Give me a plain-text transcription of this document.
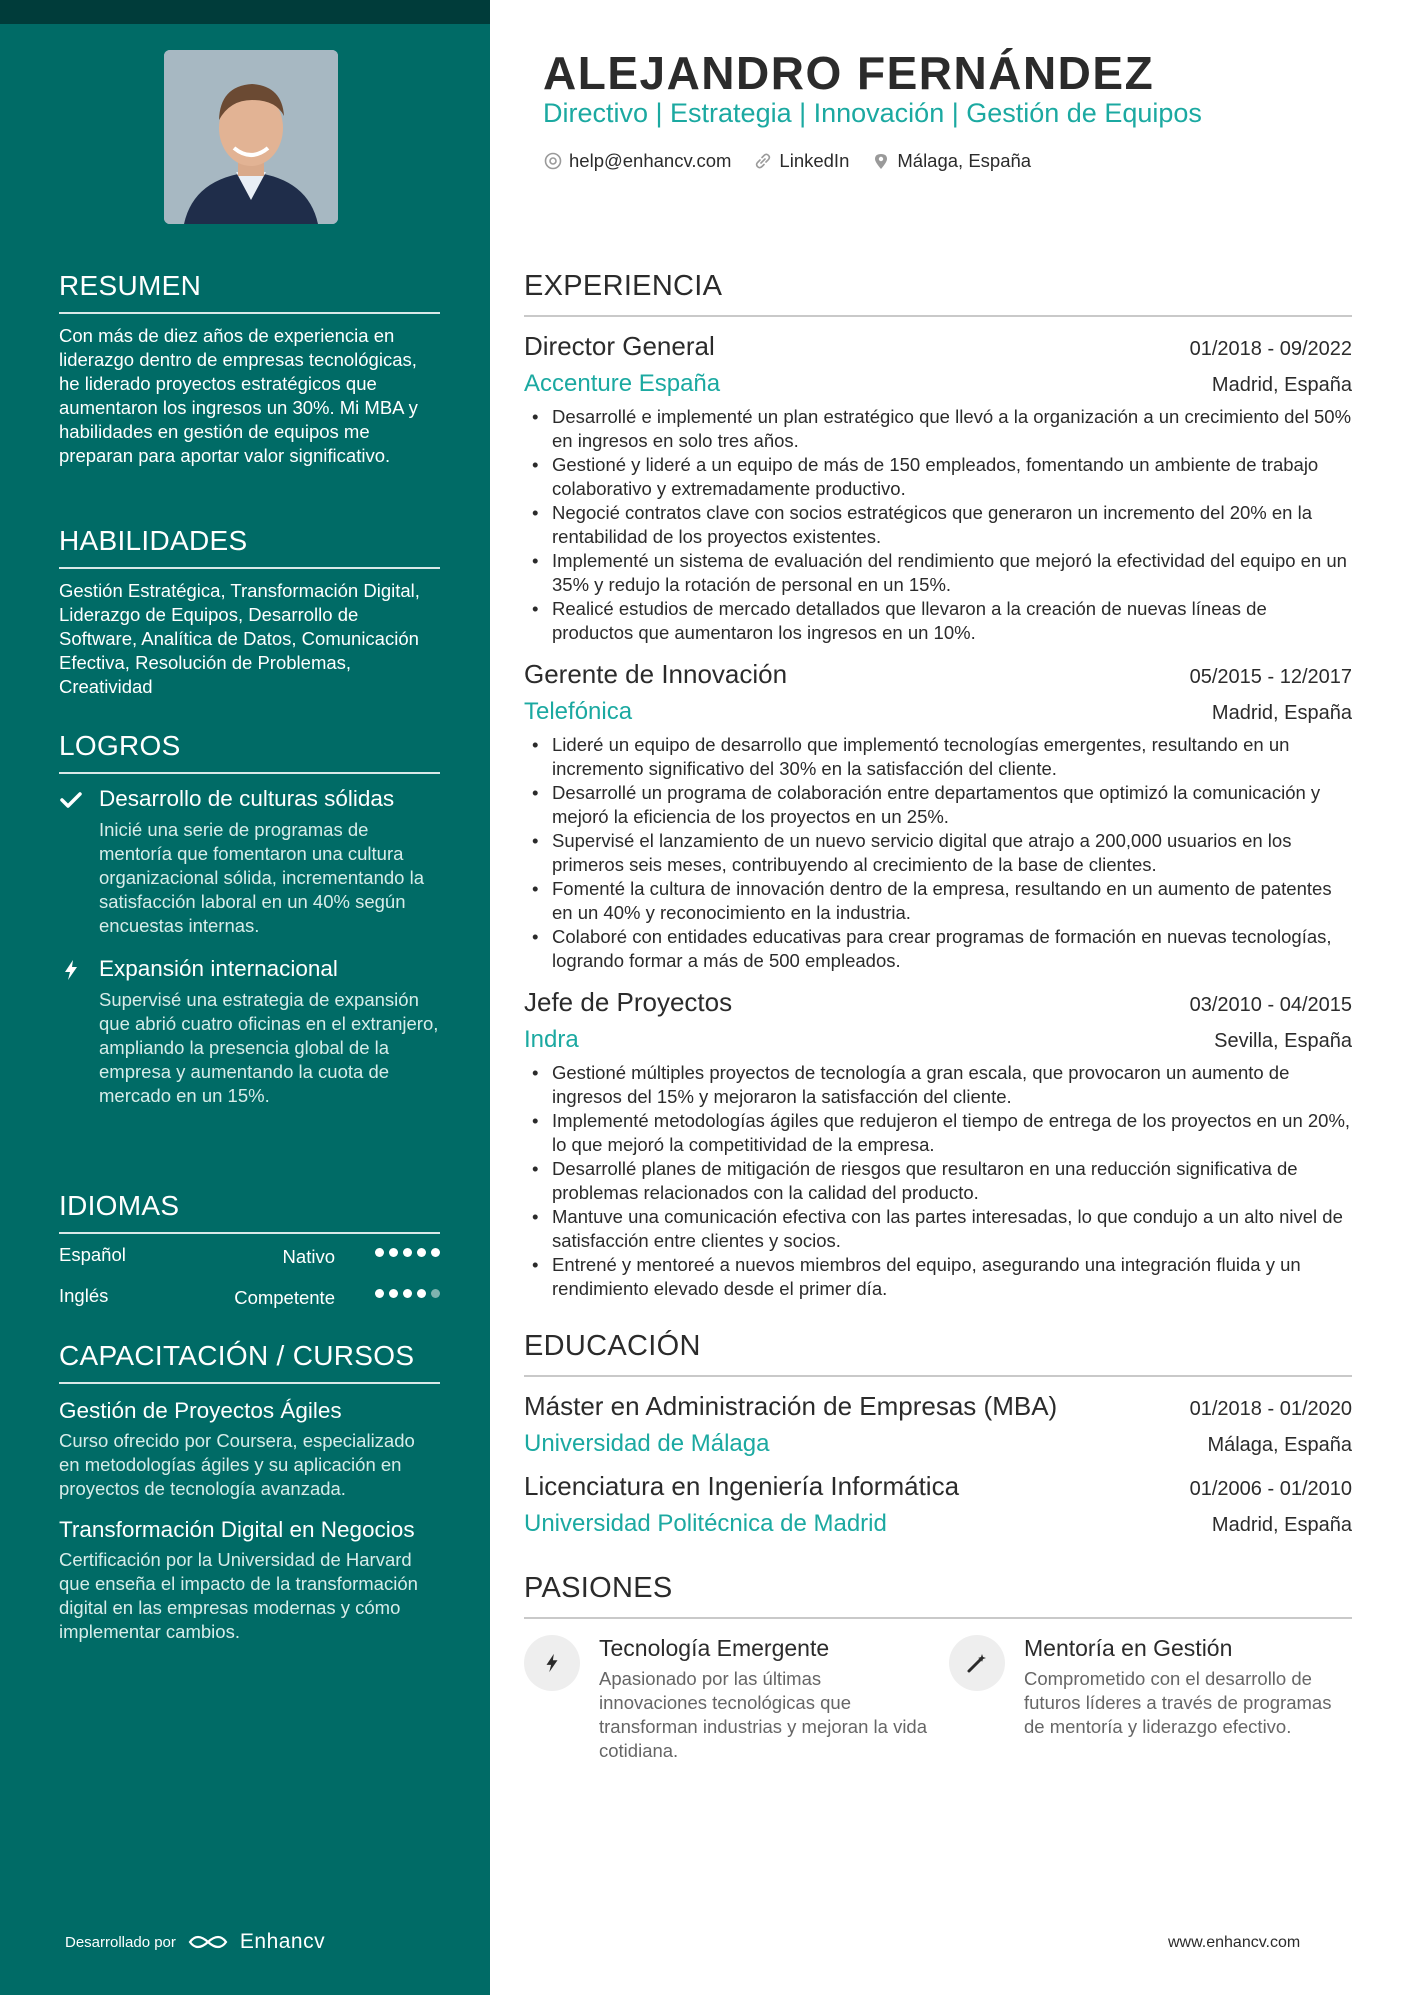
RESUMEN
Con más de diez años de experiencia en liderazgo dentro de empresas tecnológicas, he liderado proyectos estratégicos que aumentaron los ingresos un 30%. Mi MBA y habilidades en gestión de equipos me preparan para aportar valor significativo.
HABILIDADES
Gestión Estratégica, Transformación Digital, Liderazgo de Equipos, Desarrollo de Software, Analítica de Datos, Comunicación Efectiva, Resolución de Problemas, Creatividad
LOGROS
Desarrollo de culturas sólidas
Inicié una serie de programas de mentoría que fomentaron una cultura organizacional sólida, incrementando la satisfacción laboral en un 40% según encuestas internas.
Expansión internacional
Supervisé una estrategia de expansión que abrió cuatro oficinas en el extranjero, ampliando la presencia global de la empresa y aumentando la cuota de mercado en un 15%.
IDIOMAS
Español	Nativo
Inglés	Competente
CAPACITACIÓN / CURSOS
Gestión de Proyectos Ágiles
Curso ofrecido por Coursera, especializado en metodologías ágiles y su aplicación en proyectos de tecnología avanzada.
Transformación Digital en Negocios
Certificación por la Universidad de Harvard que enseña el impacto de la transformación digital en las empresas modernas y cómo implementar cambios.
Desarrollado por	Enhancv
ALEJANDRO FERNÁNDEZ
Directivo | Estrategia | Innovación | Gestión de Equipos
help@enhancv.com	LinkedIn	Málaga, España
EXPERIENCIA
Director General	01/2018 - 09/2022
Accenture España	Madrid, España
• Desarrollé e implementé un plan estratégico que llevó a la organización a un crecimiento del 50% en ingresos en solo tres años.
• Gestioné y lideré a un equipo de más de 150 empleados, fomentando un ambiente de trabajo colaborativo y extremadamente productivo.
• Negocié contratos clave con socios estratégicos que generaron un incremento del 20% en la rentabilidad de los proyectos existentes.
• Implementé un sistema de evaluación del rendimiento que mejoró la efectividad del equipo en un 35% y redujo la rotación de personal en un 15%.
• Realicé estudios de mercado detallados que llevaron a la creación de nuevas líneas de productos que aumentaron los ingresos en un 10%.
Gerente de Innovación	05/2015 - 12/2017
Telefónica	Madrid, España
• Lideré un equipo de desarrollo que implementó tecnologías emergentes, resultando en un incremento significativo del 30% en la satisfacción del cliente.
• Desarrollé un programa de colaboración entre departamentos que optimizó la comunicación y mejoró la eficiencia de los proyectos en un 25%.
• Supervisé el lanzamiento de un nuevo servicio digital que atrajo a 200,000 usuarios en los primeros seis meses, contribuyendo al crecimiento de la base de clientes.
• Fomenté la cultura de innovación dentro de la empresa, resultando en un aumento de patentes en un 40% y reconocimiento en la industria.
• Colaboré con entidades educativas para crear programas de formación en nuevas tecnologías, logrando formar a más de 500 empleados.
Jefe de Proyectos	03/2010 - 04/2015
Indra	Sevilla, España
• Gestioné múltiples proyectos de tecnología a gran escala, que provocaron un aumento de ingresos del 15% y mejoraron la satisfacción del cliente.
• Implementé metodologías ágiles que redujeron el tiempo de entrega de los proyectos en un 20%, lo que mejoró la competitividad de la empresa.
• Desarrollé planes de mitigación de riesgos que resultaron en una reducción significativa de problemas relacionados con la calidad del producto.
• Mantuve una comunicación efectiva con las partes interesadas, lo que condujo a un alto nivel de satisfacción entre clientes y socios.
• Entrené y mentoreé a nuevos miembros del equipo, asegurando una integración fluida y un rendimiento elevado desde el primer día.
EDUCACIÓN
Máster en Administración de Empresas (MBA)	01/2018 - 01/2020
Universidad de Málaga	Málaga, España
Licenciatura en Ingeniería Informática	01/2006 - 01/2010
Universidad Politécnica de Madrid	Madrid, España
PASIONES
Tecnología Emergente
Apasionado por las últimas innovaciones tecnológicas que transforman industrias y mejoran la vida cotidiana.
Mentoría en Gestión
Comprometido con el desarrollo de futuros líderes a través de programas de mentoría y liderazgo efectivo.
www.enhancv.com
